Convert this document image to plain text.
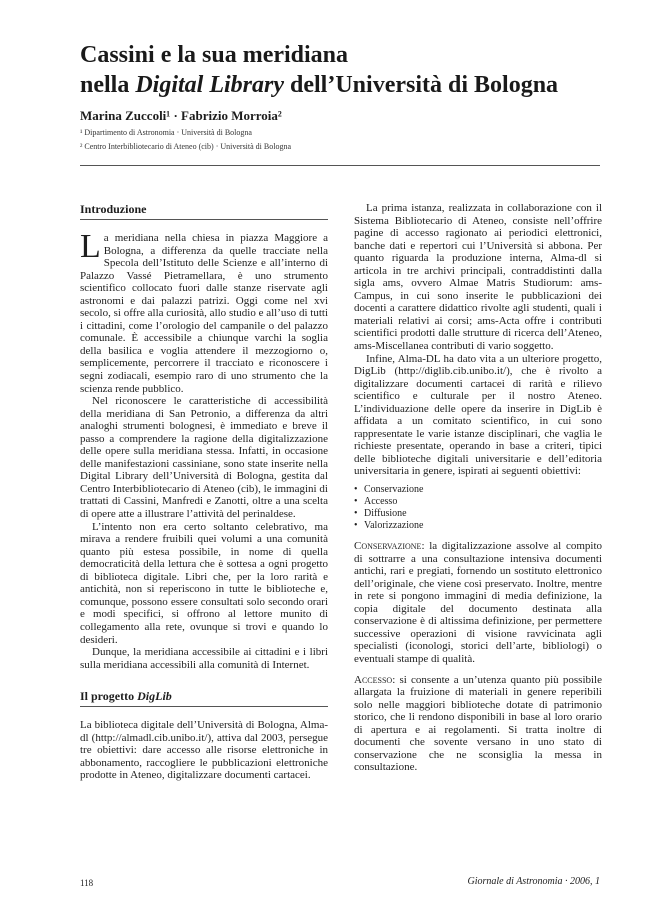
Cassini e la sua meridiana
nella Digital Library dell’Università di Bologna

Marina Zuccoli¹ · Fabrizio Morroia²

¹ Dipartimento di Astronomia · Università di Bologna
² Centro Interbibliotecario di Ateneo (cib) · Università di Bologna
Introduzione

La meridiana nella chiesa in piazza Maggiore a Bologna, a differenza da quelle tracciate nella Specola dell’Istituto delle Scienze e all’interno di Palazzo Vassé Pietramellara, è uno strumento scientifico collocato fuori dalle stanze riservate agli astronomi e dai palazzi patrizi. Oggi come nel xvi secolo, si offre alla curiosità, allo studio e all’uso di tutti i cittadini, come l’orologio del campanile o del palazzo comunale. È accessibile a chiunque varchi la soglia della basilica e voglia attendere il mezzogiorno o, semplicemente, percorrere il tracciato e riconoscere i segni zodiacali, esempio raro di uno strumento che la scienza rende pubblico.

Nel riconoscere le caratteristiche di accessibilità della meridiana di San Petronio, a differenza da altri analoghi strumenti bolognesi, è immediato e breve il passo a comprendere la ragione della digitalizzazione delle opere sulla meridiana stessa. Infatti, in occasione delle manifestazioni cassiniane, sono state inserite nella Digital Library dell’Università di Bologna, gestita dal Centro Interbibliotecario di Ateneo (cib), le immagini di trattati di Cassini, Manfredi e Zanotti, oltre a una scelta di opere atte a illustrare l’attività del perinaldese.

L’intento non era certo soltanto celebrativo, ma mirava a rendere fruibili quei volumi a una comunità quanto più estesa possibile, in nome di quella democraticità della lettura che è sottesa a ogni progetto di biblioteca digitale. Libri che, per la loro rarità e antichità, non si reperiscono in tutte le biblioteche e, comunque, possono essere consultati solo secondo orari e modi specifici, si offrono al lettore munito di collegamento alla rete, ovunque si trovi e quando lo desideri.

Dunque, la meridiana accessibile ai cittadini e i libri sulla meridiana accessibili alla comunità di Internet.

Il progetto DigLib

La biblioteca digitale dell’Università di Bologna, Alma-dl (http://almadl.cib.unibo.it/), attiva dal 2003, persegue tre obiettivi: dare accesso alle risorse elettroniche in abbonamento, raccogliere le pubblicazioni elettroniche prodotte in Ateneo, digitalizzare documenti cartacei.

La prima istanza, realizzata in collaborazione con il Sistema Bibliotecario di Ateneo, consiste nell’offrire pagine di accesso ragionato ai periodici elettronici, banche dati e repertori cui l’Università si abbona. Per quanto riguarda la produzione interna, Alma-dl si articola in tre archivi principali, contraddistinti dalla sigla ams, ovvero Almae Matris Studiorum: ams-Campus, in cui sono inserite le pubblicazioni dei docenti a carattere didattico rivolte agli studenti, quali i materiali relativi ai corsi; ams-Acta offre i contributi scientifici prodotti dalle strutture di ricerca dell’Ateneo, ams-Miscellanea contributi di vario soggetto.

Infine, Alma-DL ha dato vita a un ulteriore progetto, DigLib (http://diglib.cib.unibo.it/), che è rivolto a digitalizzare documenti cartacei di rarità e rilievo scientifico e culturale per il nostro Ateneo. L’individuazione delle opere da inserire in DigLib è affidata a un comitato scientifico, in cui sono rappresentate le varie istanze disciplinari, che vaglia le richieste presentate, operando in base a criteri, tipici delle biblioteche digitali universitarie e dell’editoria universitaria in genere, ispirati ai seguenti obiettivi:

• Conservazione
• Accesso
• Diffusione
• Valorizzazione

Conservazione: la digitalizzazione assolve al compito di sottrarre a una consultazione intensiva documenti antichi, rari e pregiati, fornendo un sostituto elettronico dell’originale, che viene così preservato. Inoltre, mentre in rete si pongono immagini di media definizione, la copia digitale del documento destinata alla conservazione è di altissima definizione, per permettere successive operazioni di visione ravvicinata agli specialisti (iconologi, storici dell’arte, bibliologi) o eventuali stampe di qualità.

Accesso: si consente a un’utenza quanto più possibile allargata la fruizione di materiali in genere reperibili solo nelle maggiori biblioteche dotate di patrimonio storico, che li rendono disponibili in base al loro orario di apertura e ai regolamenti. Si tratta inoltre di documenti che sovente versano in uno stato di conservazione che ne sconsiglia la messa in consultazione.

118	Giornale di Astronomia · 2006, 1
